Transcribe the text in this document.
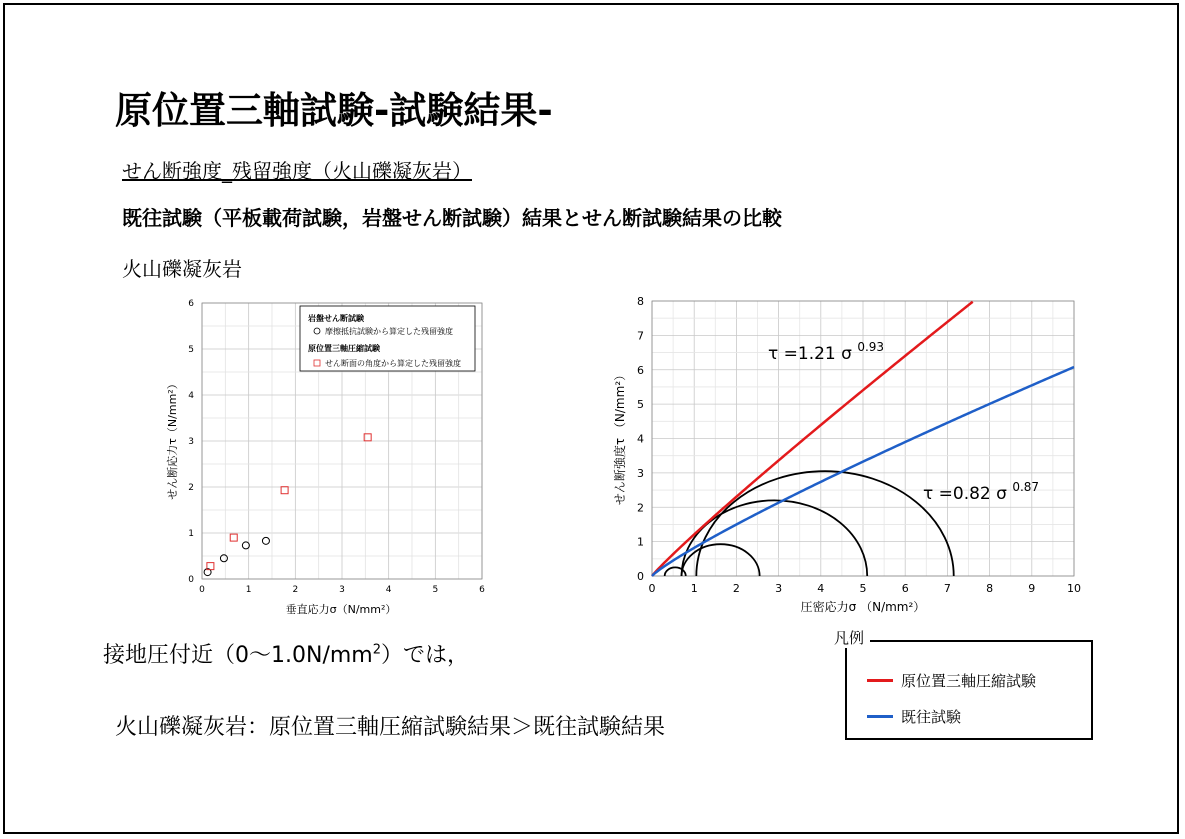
原位置三軸試験-試験結果-
せん断強度_残留強度（火山礫凝灰岩）
既往試験（平板載荷試験，岩盤せん断試験）結果とせん断試験結果の比較
火山礫凝灰岩
0	1	2	3	4	5	6
0
1
2
3
4
5
6
垂直応力σ（N/mm²）
せん断応力τ（N/mm²）
岩盤せん断試験
摩擦抵抗試験から算定した残留強度
原位置三軸圧縮試験
せん断面の角度から算定した残留強度
0	1	2	3	4	5	6	7	8	9	10
0
1
2
3
4
5
6
7
8
圧密応力σ （N/mm²）
せん断強度τ （N/mm²）
τ =1.21 σ $^{0.93}$
τ =0.82 σ $^{0.87}$
原位置三軸圧縮試験
既往試験
凡例
接地圧付近（0〜$1.0N/mm^2$）では，
火山礫凝灰岩：原位置三軸圧縮試験結果＞既往試験結果
